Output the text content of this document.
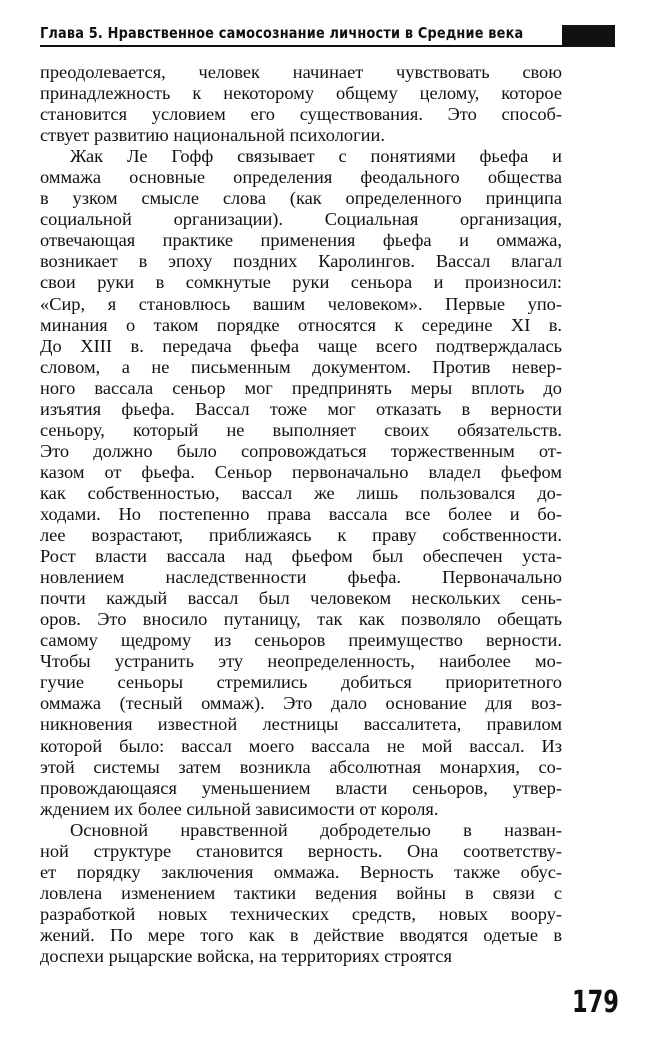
Глава 5. Нравственное самосознание личности в Средние века
преодолевается, человек начинает чувствовать свою
принадлежность к некоторому общему целому, которое
становится условием его существования. Это способ-
ствует развитию национальной психологии.
Жак Ле Гофф связывает с понятиями фьефа и
оммажа основные определения феодального общества
в узком смысле слова (как определенного принципа
социальной организации). Социальная организация,
отвечающая практике применения фьефа и оммажа,
возникает в эпоху поздних Каролингов. Вассал влагал
свои руки в сомкнутые руки сеньора и произносил:
«Сир, я становлюсь вашим человеком». Первые упо-
минания о таком порядке относятся к середине XI в.
До XIII в. передача фьефа чаще всего подтверждалась
словом, а не письменным документом. Против невер-
ного вассала сеньор мог предпринять меры вплоть до
изъятия фьефа. Вассал тоже мог отказать в верности
сеньору, который не выполняет своих обязательств.
Это должно было сопровождаться торжественным от-
казом от фьефа. Сеньор первоначально владел фьефом
как собственностью, вассал же лишь пользовался до-
ходами. Но постепенно права вассала все более и бо-
лее возрастают, приближаясь к праву собственности.
Рост власти вассала над фьефом был обеспечен уста-
новлением наследственности фьефа. Первоначально
почти каждый вассал был человеком нескольких сень-
оров. Это вносило путаницу, так как позволяло обещать
самому щедрому из сеньоров преимущество верности.
Чтобы устранить эту неопределенность, наиболее мо-
гучие сеньоры стремились добиться приоритетного
оммажа (тесный оммаж). Это дало основание для воз-
никновения известной лестницы вассалитета, правилом
которой было: вассал моего вассала не мой вассал. Из
этой системы затем возникла абсолютная монархия, со-
провождающаяся уменьшением власти сеньоров, утвер-
ждением их более сильной зависимости от короля.
Основной нравственной добродетелью в назван-
ной структуре становится верность. Она соответству-
ет порядку заключения оммажа. Верность также обус-
ловлена изменением тактики ведения войны в связи с
разработкой новых технических средств, новых воору-
жений. По мере того как в действие вводятся одетые в
доспехи рыцарские войска, на территориях строятся
179
